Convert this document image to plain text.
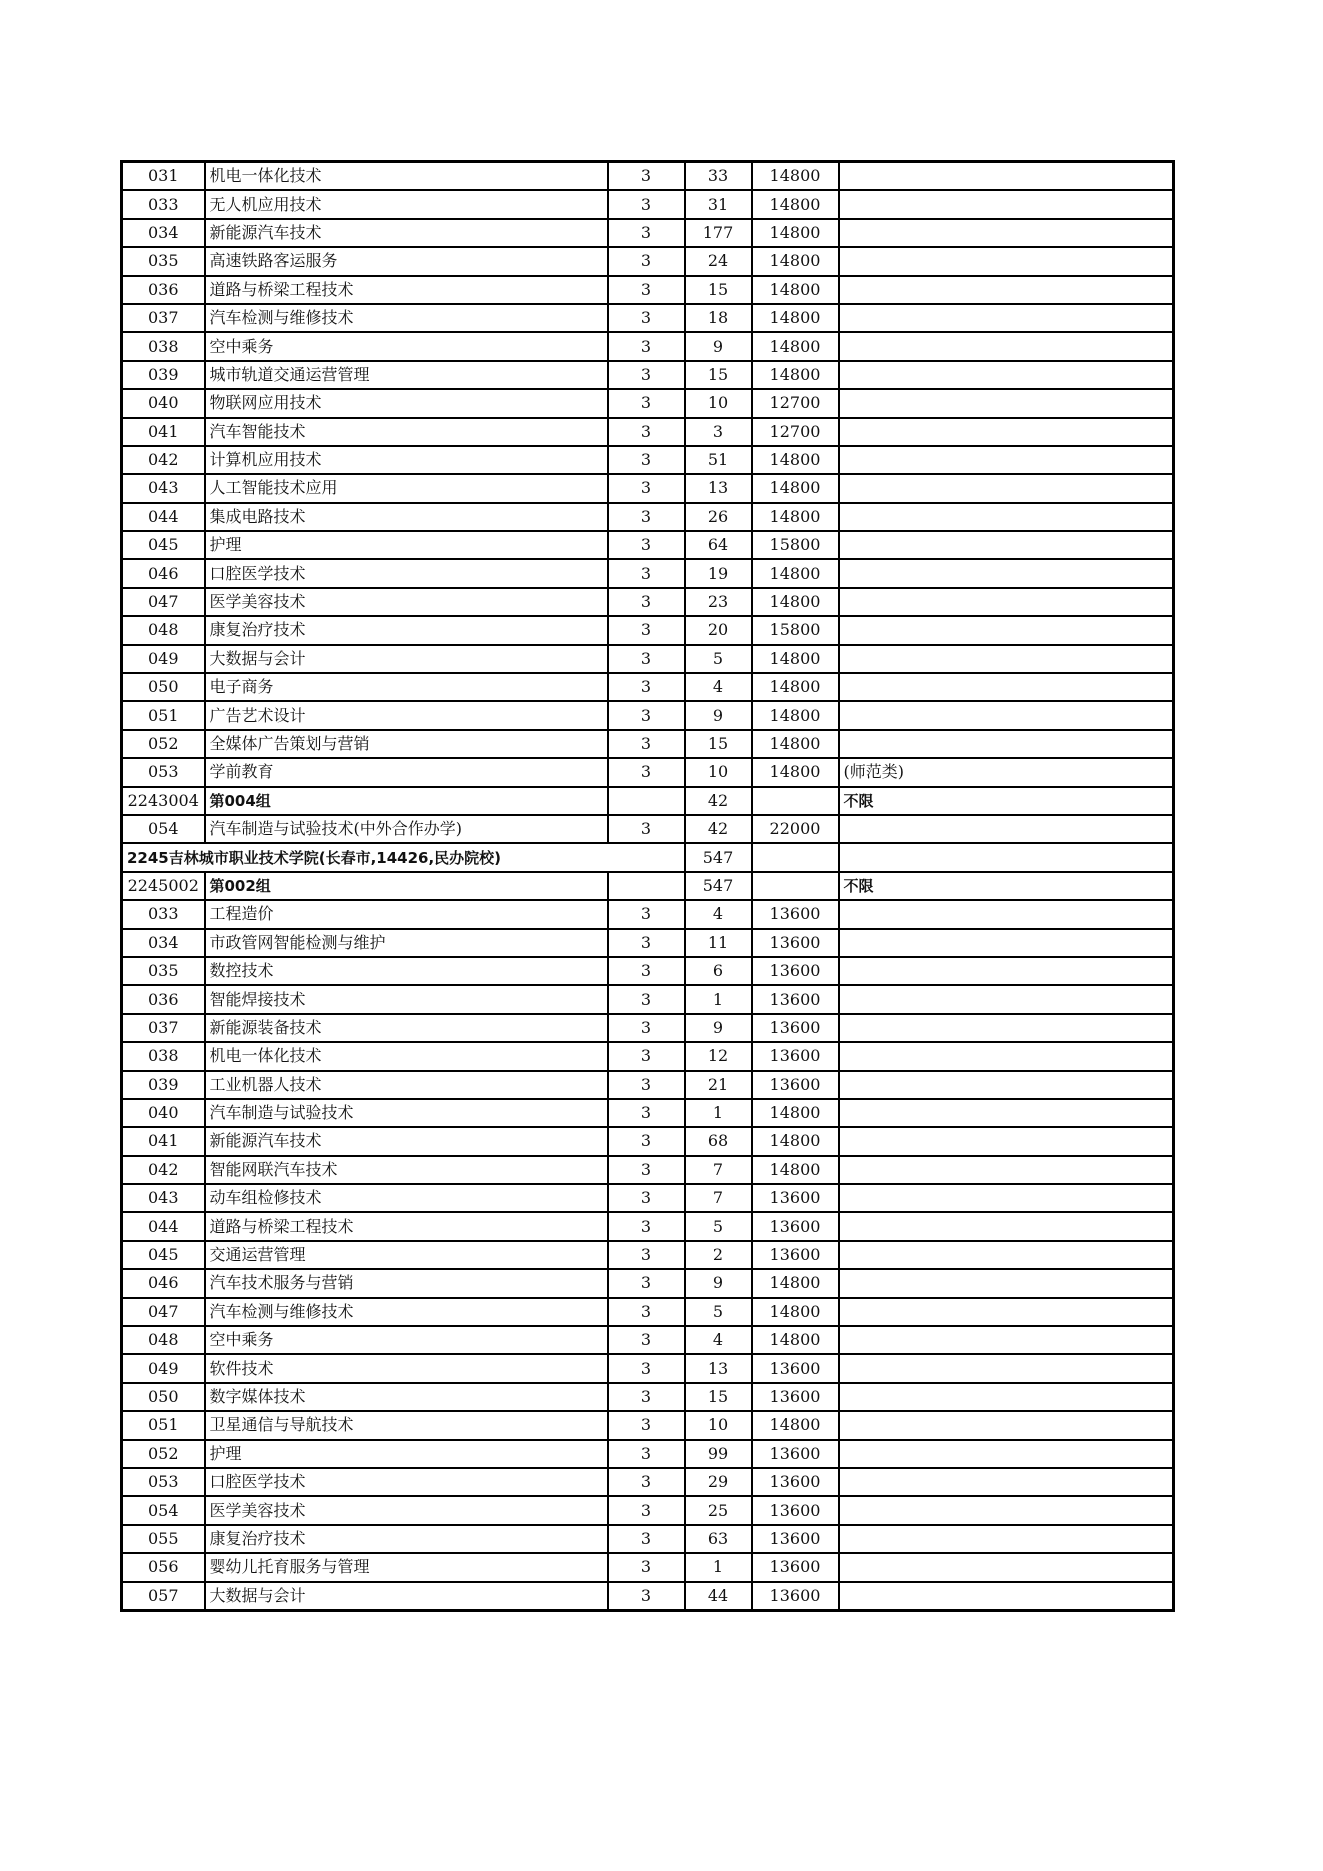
031	机电一体化技术	3	33	14800	
033	无人机应用技术	3	31	14800	
034	新能源汽车技术	3	177	14800	
035	高速铁路客运服务	3	24	14800	
036	道路与桥梁工程技术	3	15	14800	
037	汽车检测与维修技术	3	18	14800	
038	空中乘务	3	9	14800	
039	城市轨道交通运营管理	3	15	14800	
040	物联网应用技术	3	10	12700	
041	汽车智能技术	3	3	12700	
042	计算机应用技术	3	51	14800	
043	人工智能技术应用	3	13	14800	
044	集成电路技术	3	26	14800	
045	护理	3	64	15800	
046	口腔医学技术	3	19	14800	
047	医学美容技术	3	23	14800	
048	康复治疗技术	3	20	15800	
049	大数据与会计	3	5	14800	
050	电子商务	3	4	14800	
051	广告艺术设计	3	9	14800	
052	全媒体广告策划与营销	3	15	14800	
053	学前教育	3	10	14800	(师范类)
2243004	第004组		42		不限
054	汽车制造与试验技术(中外合作办学)	3	42	22000	
2245吉林城市职业技术学院(长春市,14426,民办院校)			547		
2245002	第002组		547		不限
033	工程造价	3	4	13600	
034	市政管网智能检测与维护	3	11	13600	
035	数控技术	3	6	13600	
036	智能焊接技术	3	1	13600	
037	新能源装备技术	3	9	13600	
038	机电一体化技术	3	12	13600	
039	工业机器人技术	3	21	13600	
040	汽车制造与试验技术	3	1	14800	
041	新能源汽车技术	3	68	14800	
042	智能网联汽车技术	3	7	14800	
043	动车组检修技术	3	7	13600	
044	道路与桥梁工程技术	3	5	13600	
045	交通运营管理	3	2	13600	
046	汽车技术服务与营销	3	9	14800	
047	汽车检测与维修技术	3	5	14800	
048	空中乘务	3	4	14800	
049	软件技术	3	13	13600	
050	数字媒体技术	3	15	13600	
051	卫星通信与导航技术	3	10	14800	
052	护理	3	99	13600	
053	口腔医学技术	3	29	13600	
054	医学美容技术	3	25	13600	
055	康复治疗技术	3	63	13600	
056	婴幼儿托育服务与管理	3	1	13600	
057	大数据与会计	3	44	13600	
